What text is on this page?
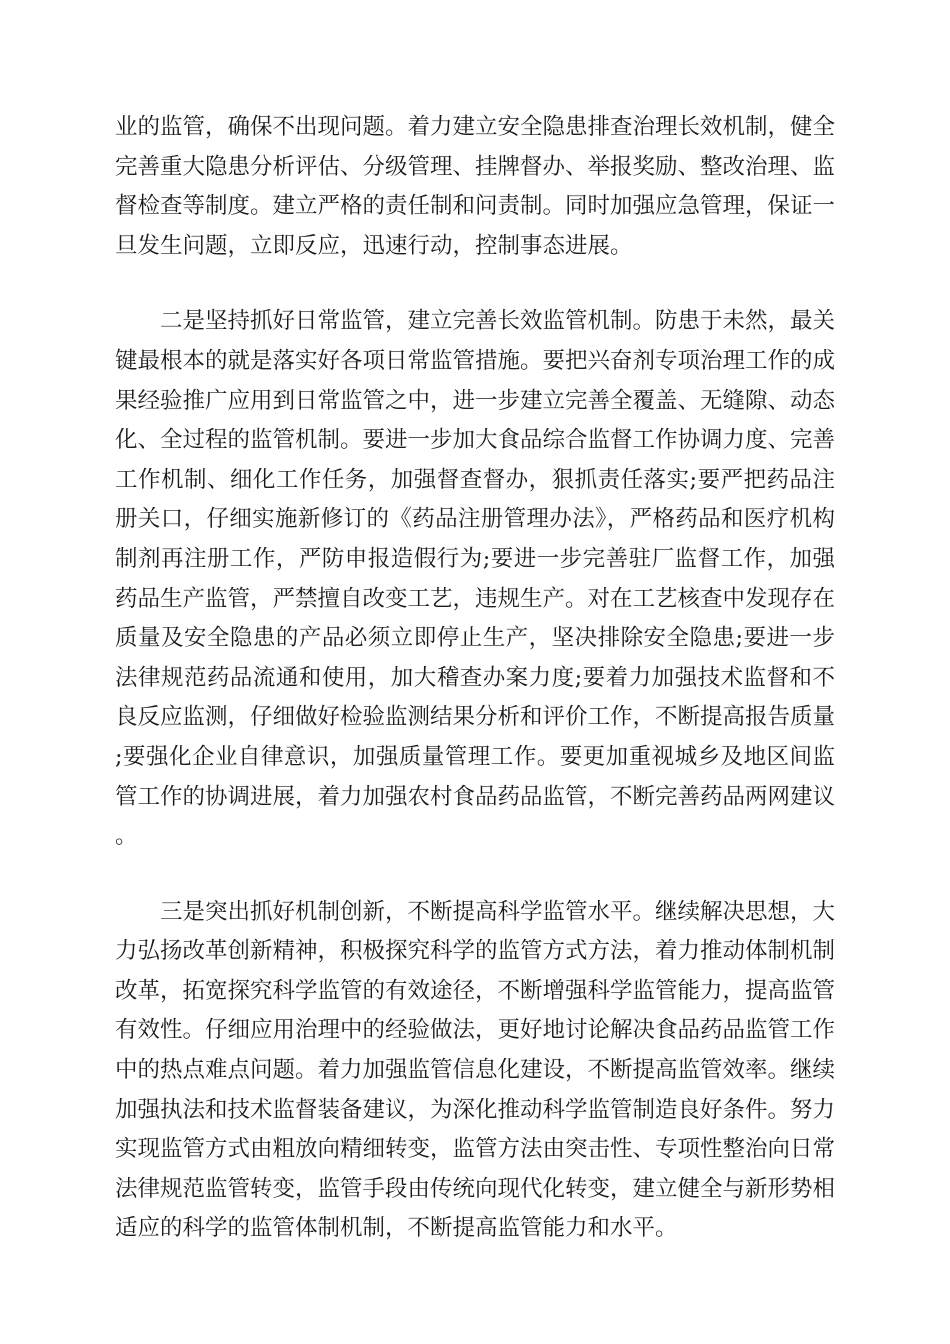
业的监管，确保不出现问题。着力建立安全隐患排查治理长效机制，健全完善重大隐患分析评估、分级管理、挂牌督办、举报奖励、整改治理、监督检查等制度。建立严格的责任制和问责制。同时加强应急管理，保证一旦发生问题，立即反应，迅速行动，控制事态进展。

二是坚持抓好日常监管，建立完善长效监管机制。防患于未然，最关键最根本的就是落实好各项日常监管措施。要把兴奋剂专项治理工作的成果经验推广应用到日常监管之中，进一步建立完善全覆盖、无缝隙、动态化、全过程的监管机制。要进一步加大食品综合监督工作协调力度、完善工作机制、细化工作任务，加强督查督办，狠抓责任落实;要严把药品注册关口，仔细实施新修订的《药品注册管理办法》，严格药品和医疗机构制剂再注册工作，严防申报造假行为;要进一步完善驻厂监督工作，加强药品生产监管，严禁擅自改变工艺，违规生产。对在工艺核查中发现存在质量及安全隐患的产品必须立即停止生产，坚决排除安全隐患;要进一步法律规范药品流通和使用，加大稽查办案力度;要着力加强技术监督和不良反应监测，仔细做好检验监测结果分析和评价工作，不断提高报告质量;要强化企业自律意识，加强质量管理工作。要更加重视城乡及地区间监管工作的协调进展，着力加强农村食品药品监管，不断完善药品两网建议。

三是突出抓好机制创新，不断提高科学监管水平。继续解决思想，大力弘扬改革创新精神，积极探究科学的监管方式方法，着力推动体制机制改革，拓宽探究科学监管的有效途径，不断增强科学监管能力，提高监管有效性。仔细应用治理中的经验做法，更好地讨论解决食品药品监管工作中的热点难点问题。着力加强监管信息化建设，不断提高监管效率。继续加强执法和技术监督装备建议，为深化推动科学监管制造良好条件。努力实现监管方式由粗放向精细转变，监管方法由突击性、专项性整治向日常法律规范监管转变，监管手段由传统向现代化转变，建立健全与新形势相适应的科学的监管体制机制，不断提高监管能力和水平。
